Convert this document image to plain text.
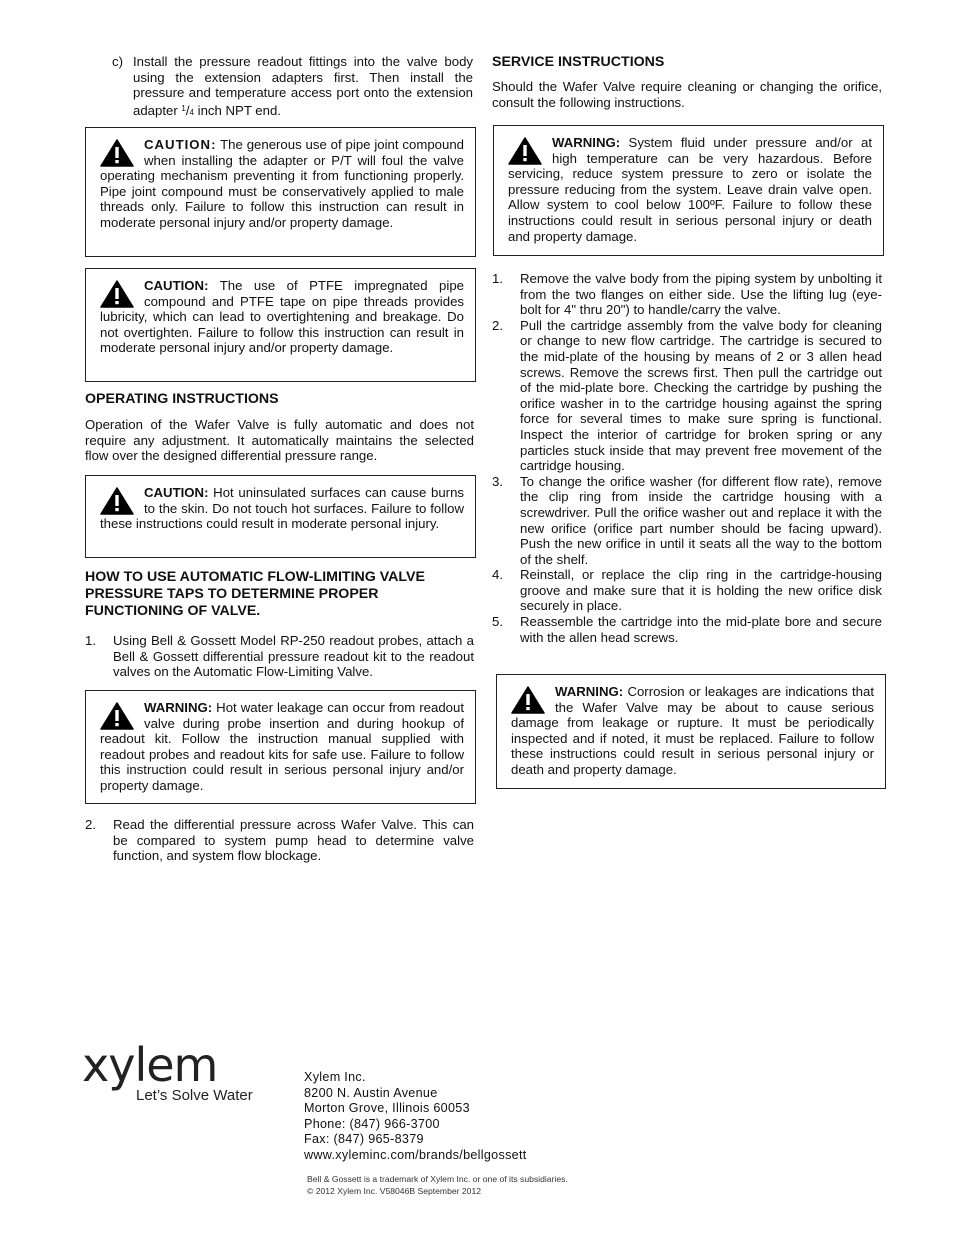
c) Install the pressure readout fittings into the valve body using the extension adapters first. Then install the pressure and temperature access port onto the extension adapter $^1$/4 inch NPT end.
CAUTION: The generous use of pipe joint compound when installing the adapter or P/T will foul the valve operating mechanism preventing it from functioning properly. Pipe joint compound must be conservatively applied to male threads only. Failure to follow this instruction can result in moderate personal injury and/or property damage.
CAUTION: The use of PTFE impregnated pipe compound and PTFE tape on pipe threads provides lubricity, which can lead to overtightening and breakage. Do not overtighten. Failure to follow this instruction can result in moderate personal injury and/or property damage.

OPERATING INSTRUCTIONS

Operation of the Wafer Valve is fully automatic and does not require any adjustment. It automatically maintains the selected flow over the designed differential pressure range.

CAUTION: Hot uninsulated surfaces can cause burns to the skin. Do not touch hot surfaces. Failure to follow these instructions could result in moderate personal injury.

HOW TO USE AUTOMATIC FLOW-LIMITING VALVE PRESSURE TAPS TO DETERMINE PROPER FUNCTIONING OF VALVE.

1. Using Bell & Gossett Model RP-250 readout probes, attach a Bell & Gossett differential pressure readout kit to the readout valves on the Automatic Flow-Limiting Valve.
WARNING: Hot water leakage can occur from readout valve during probe insertion and during hookup of readout kit. Follow the instruction manual supplied with readout probes and readout kits for safe use. Failure to follow this instruction could result in serious personal injury and/or property damage.
2. Read the differential pressure across Wafer Valve. This can be compared to system pump head to determine valve function, and system flow blockage.

SERVICE INSTRUCTIONS

Should the Wafer Valve require cleaning or changing the orifice, consult the following instructions.

WARNING: System fluid under pressure and/or at high temperature can be very hazardous. Before servicing, reduce system pressure to zero or isolate the pressure reducing from the system. Leave drain valve open. Allow system to cool below 100ºF. Failure to follow these instructions could result in serious personal injury or death and property damage.
1. Remove the valve body from the piping system by unbolting it from the two flanges on either side. Use the lifting lug (eye-bolt for 4" thru 20") to handle/carry the valve.
2. Pull the cartridge assembly from the valve body for cleaning or change to new flow cartridge. The cartridge is secured to the mid-plate of the housing by means of 2 or 3 allen head screws. Remove the screws first. Then pull the cartridge out of the mid-plate bore. Checking the cartridge by pushing the orifice washer in to the cartridge housing against the spring force for several times to make sure spring is functional. Inspect the interior of cartridge for broken spring or any particles stuck inside that may prevent free movement of the cartridge housing.
3. To change the orifice washer (for different flow rate), remove the clip ring from inside the cartridge housing with a screwdriver. Pull the orifice washer out and replace it with the new orifice (orifice part number should be facing upward). Push the new orifice in until it seats all the way to the bottom of the shelf.
4. Reinstall, or replace the clip ring in the cartridge-housing groove and make sure that it is holding the new orifice disk securely in place.
5. Reassemble the cartridge into the mid-plate bore and secure with the allen head screws.
WARNING: Corrosion or leakages are indications that the Wafer Valve may be about to cause serious damage from leakage or rupture. It must be periodically inspected and if noted, it must be replaced. Failure to follow these instructions could result in serious personal injury or death and property damage.
xylem
Let’s Solve Water
Xylem Inc.
8200 N. Austin Avenue
Morton Grove, Illinois 60053
Phone: (847) 966-3700
Fax: (847) 965-8379
www.xyleminc.com/brands/bellgossett
Bell & Gossett is a trademark of Xylem Inc. or one of its subsidiaries.
© 2012 Xylem Inc. V58046B September 2012
